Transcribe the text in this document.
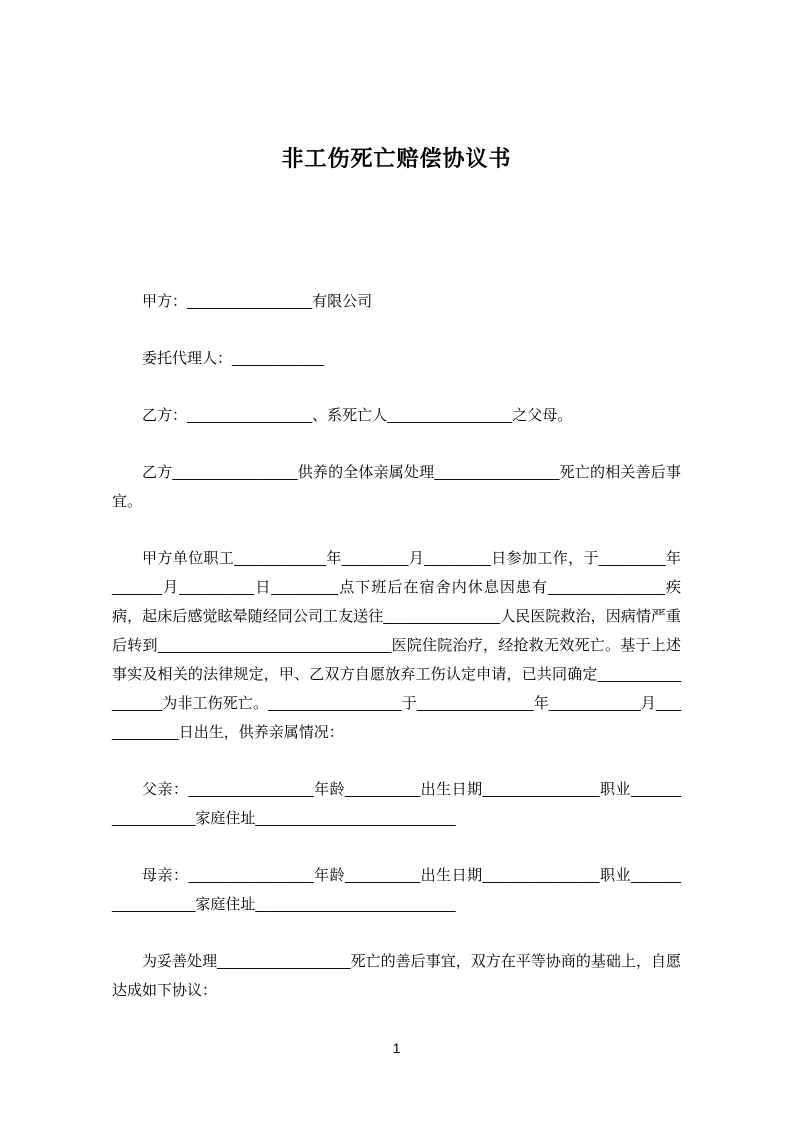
非工伤死亡赔偿协议书

甲方：_______________有限公司

委托代理人：___________

乙方：_______________、系死亡人_______________之父母。

乙方_______________供养的全体亲属处理_______________死亡的相关善后事宜。

甲方单位职工___________年________月________日参加工作，于________年______月_________日________点下班后在宿舍内休息因患有______________疾病，起床后感觉眩晕随经同公司工友送往______________人民医院救治，因病情严重后转到____________________________医院住院治疗，经抢救无效死亡。基于上述事实及相关的法律规定，甲、乙双方自愿放弃工伤认定申请，已共同确定________________为非工伤死亡。________________于______________年___________月___________日出生，供养亲属情况：

父亲：_______________年龄_________出生日期______________职业________________家庭住址________________________

母亲：_______________年龄_________出生日期______________职业________________家庭住址________________________

为妥善处理________________死亡的善后事宜，双方在平等协商的基础上，自愿达成如下协议：

1
